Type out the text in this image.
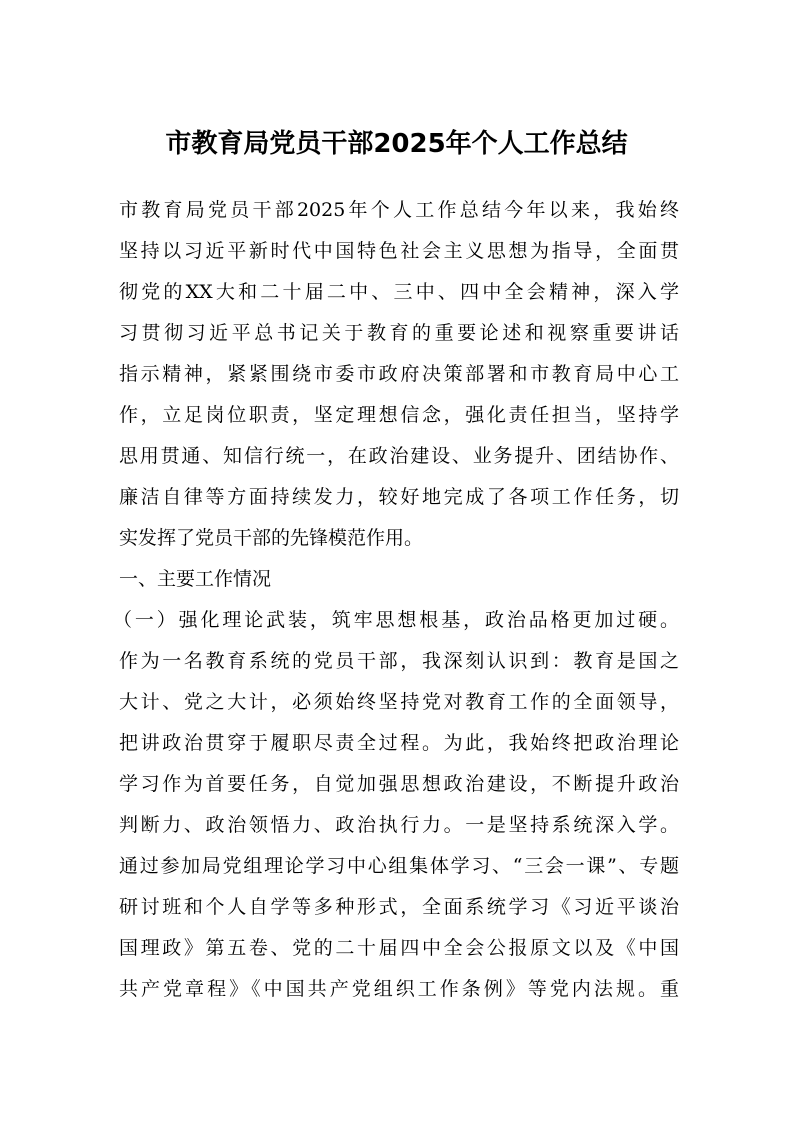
市教育局党员干部2025年个人工作总结
市教育局党员干部2025年个人工作总结今年以来，我始终
坚持以习近平新时代中国特色社会主义思想为指导，全面贯
彻党的XX大和二十届二中、三中、四中全会精神，深入学
习贯彻习近平总书记关于教育的重要论述和视察重要讲话
指示精神，紧紧围绕市委市政府决策部署和市教育局中心工
作，立足岗位职责，坚定理想信念，强化责任担当，坚持学
思用贯通、知信行统一，在政治建设、业务提升、团结协作、
廉洁自律等方面持续发力，较好地完成了各项工作任务，切
实发挥了党员干部的先锋模范作用。
一、主要工作情况
（一）强化理论武装，筑牢思想根基，政治品格更加过硬。
作为一名教育系统的党员干部，我深刻认识到：教育是国之
大计、党之大计，必须始终坚持党对教育工作的全面领导，
把讲政治贯穿于履职尽责全过程。为此，我始终把政治理论
学习作为首要任务，自觉加强思想政治建设，不断提升政治
判断力、政治领悟力、政治执行力。一是坚持系统深入学。
通过参加局党组理论学习中心组集体学习、“三会一课”、专题
研讨班和个人自学等多种形式，全面系统学习《习近平谈治
国理政》第五卷、党的二十届四中全会公报原文以及《中国
共产党章程》《中国共产党组织工作条例》等党内法规。重
